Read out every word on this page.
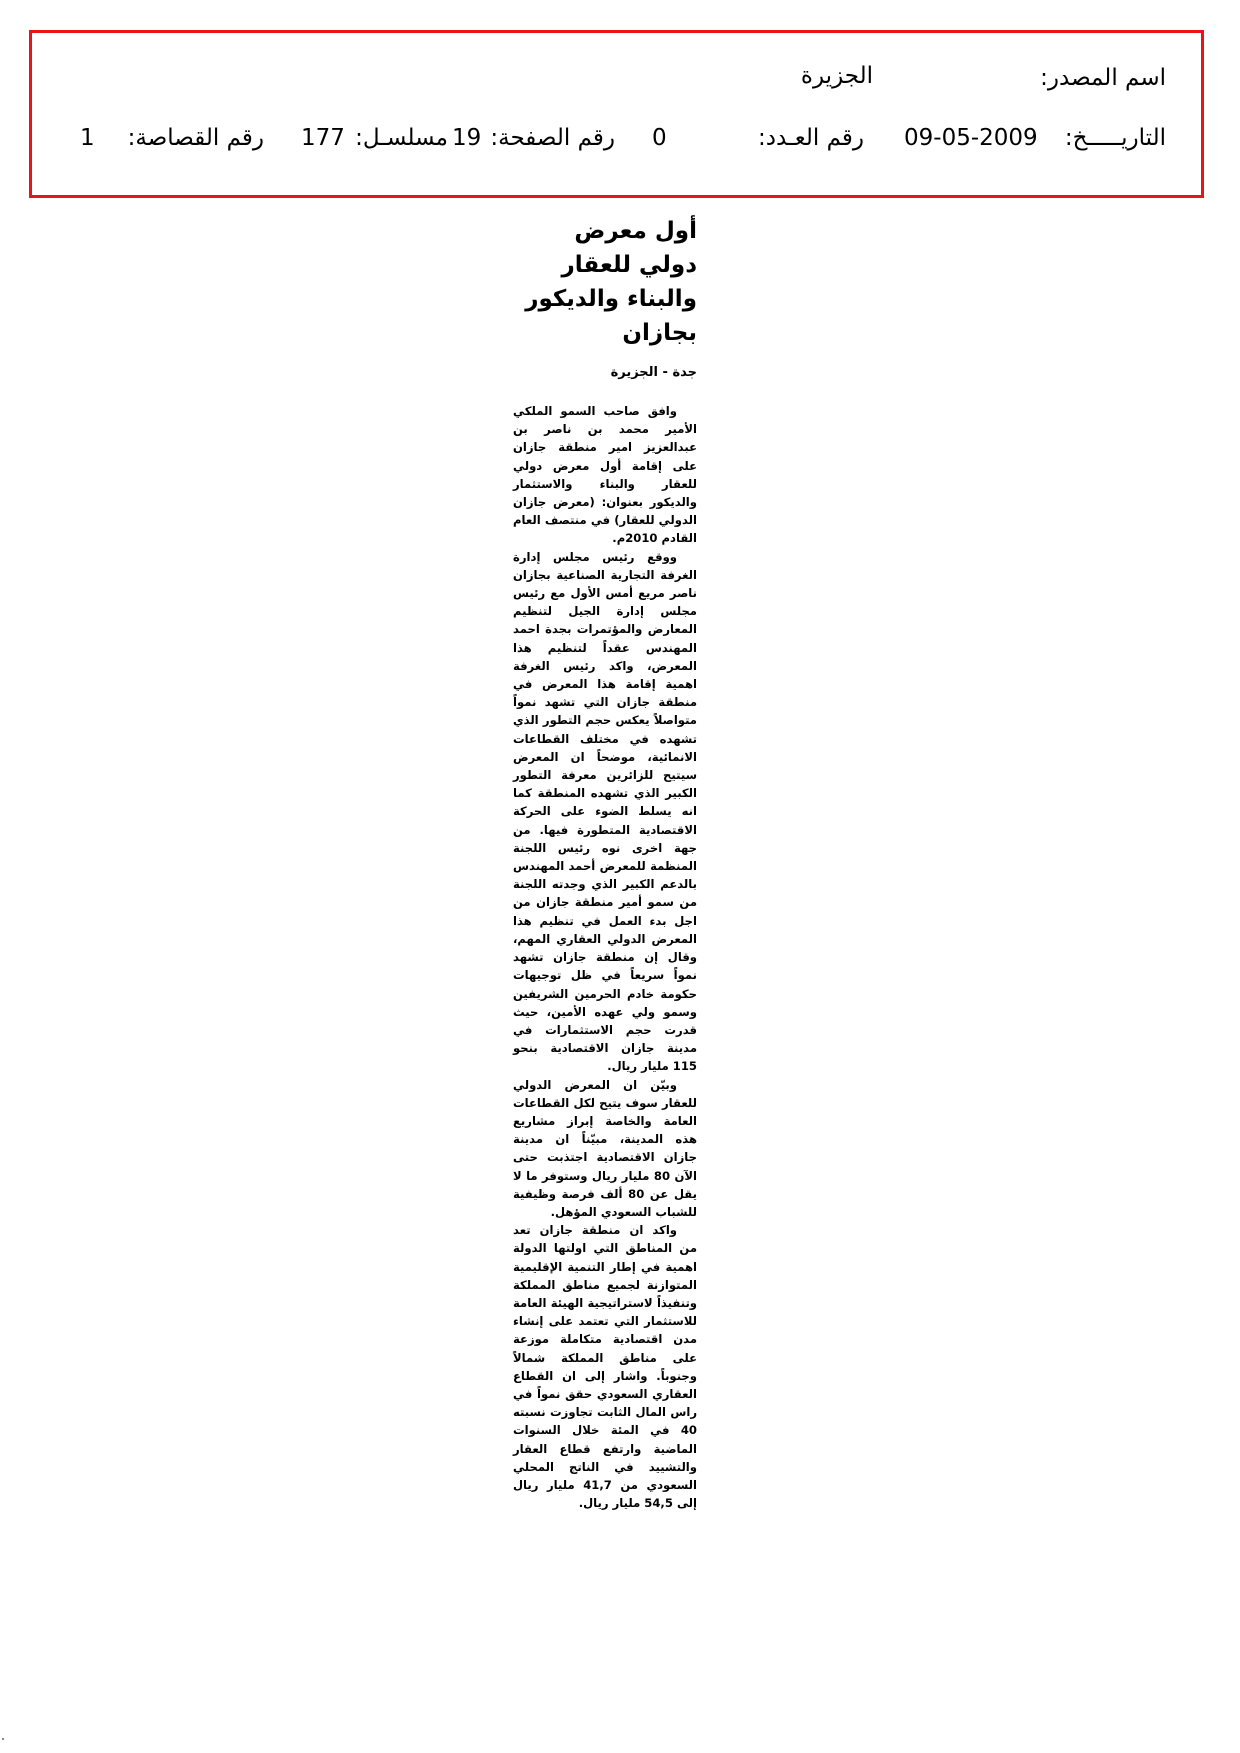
اسم المصدر:
الجزيرة
التاريـــــخ:
09-05-2009
رقم العـدد:
0
رقم الصفحة:
19
مسلسـل:
177
رقم القصاصة:
1
أول معرض دولي للعقار
والبناء والديكور بجازان
جدة - الجزيرة

وافق صاحب السمو الملكي الأمير محمد بن ناصر بن عبدالعزيز امير منطقة جازان على إقامة أول معرض دولي للعقار والبناء والاستثمار والديكور بعنوان: (معرض جازان الدولي للعقار) في منتصف العام القادم 2010م.

ووقع رئيس مجلس إدارة الغرفة التجارية الصناعية بجازان ناصر مريع أمس الأول مع رئيس مجلس إدارة الجيل لتنظيم المعارض والمؤتمرات بجدة احمد المهندس عقداً لتنظيم هذا المعرض، واكد رئيس الغرفة اهمية إقامة هذا المعرض في منطقة جازان التي تشهد نمواً متواصلاً يعكس حجم التطور الذي تشهده في مختلف القطاعات الانمائية، موضحاً ان المعرض سيتيح للزائرين معرفة التطور الكبير الذي تشهده المنطقة كما انه يسلط الضوء على الحركة الاقتصادية المتطورة فيها. من جهة اخرى نوه رئيس اللجنة المنظمة للمعرض أحمد المهندس بالدعم الكبير الذي وجدته اللجنة من سمو أمير منطقة جازان من اجل بدء العمل في تنظيم هذا المعرض الدولي العقاري المهم، وقال إن منطقة جازان تشهد نمواً سريعاً في ظل توجيهات حكومة خادم الحرمين الشريفين وسمو ولي عهده الأمين، حيث قدرت حجم الاستثمارات في مدينة جازان الاقتصادية بنحو 115 مليار ريال.

وبيّن ان المعرض الدولي للعقار سوف يتيح لكل القطاعات العامة والخاصة إبراز مشاريع هذه المدينة، مبيّناً ان مدينة جازان الاقتصادية اجتذبت حتى الآن 80 مليار ريال وستوفر ما لا يقل عن 80 ألف فرصة وظيفية للشباب السعودي المؤهل.

واكد ان منطقة جازان تعد من المناطق التي اولتها الدولة اهمية في إطار التنمية الإقليمية المتوازنة لجميع مناطق المملكة وتنفيذاً لاستراتيجية الهيئة العامة للاستثمار التي تعتمد على إنشاء مدن اقتصادية متكاملة موزعة على مناطق المملكة شمالاً وجنوباً. واشار إلى ان القطاع العقاري السعودي حقق نمواً في راس المال الثابت تجاوزت نسبته 40 في المئة خلال السنوات الماضية وارتفع قطاع العقار والتشييد في الناتج المحلي السعودي من 41,7 مليار ريال إلى 54,5 مليار ريال.
